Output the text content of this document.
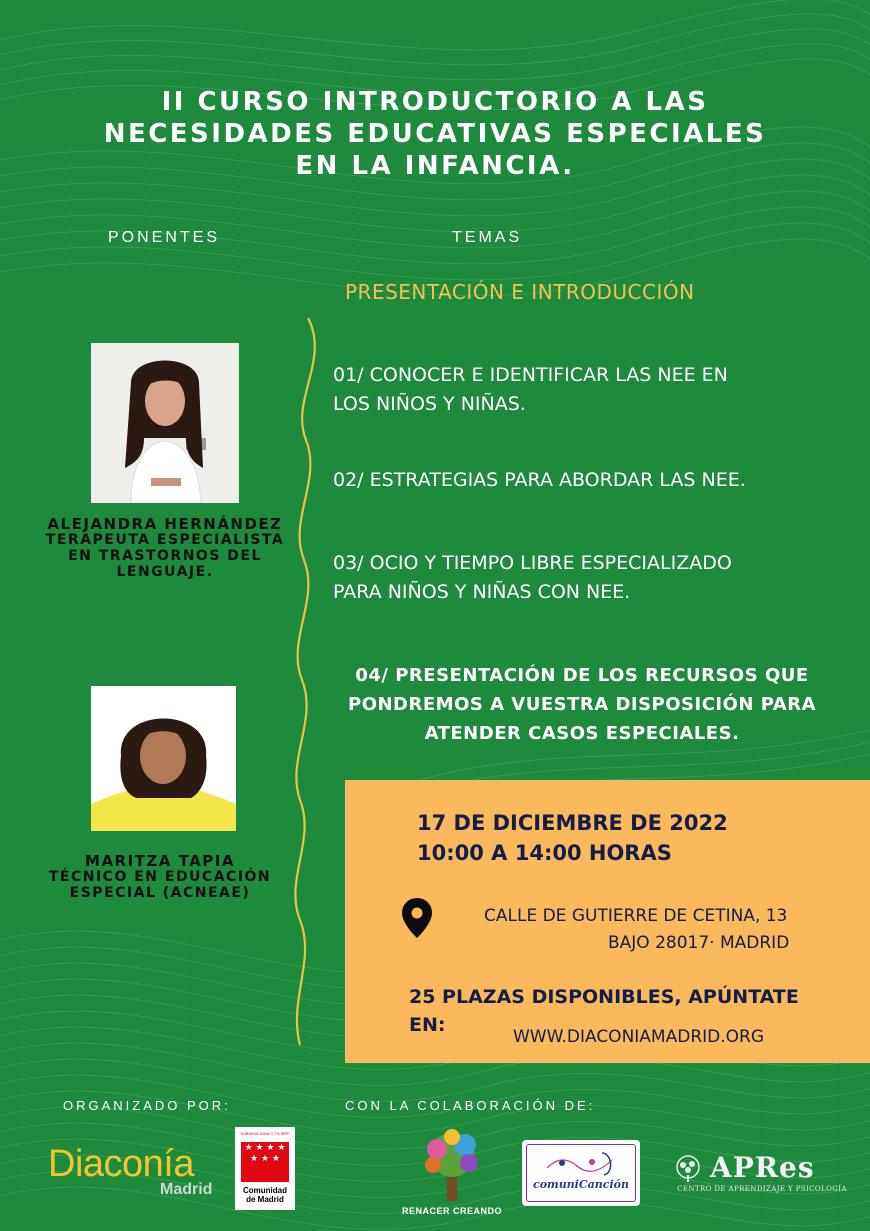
II CURSO INTRODUCTORIO A LAS
NECESIDADES EDUCATIVAS ESPECIALES
EN LA INFANCIA.
PONENTES	TEMAS
PRESENTACIÓN E INTRODUCCIÓN
ALEJANDRA HERNÁNDEZ
TERAPEUTA ESPECIALISTA
EN TRASTORNOS DEL
LENGUAJE.
MARITZA TAPIA
TÉCNICO EN EDUCACIÓN
ESPECIAL (ACNEAE)
01/ CONOCER E IDENTIFICAR LAS NEE EN
LOS NIÑOS Y NIÑAS.
02/ ESTRATEGIAS PARA ABORDAR LAS NEE.
03/ OCIO Y TIEMPO LIBRE ESPECIALIZADO
PARA NIÑOS Y NIÑAS CON NEE.
04/ PRESENTACIÓN DE LOS RECURSOS QUE
PONDREMOS A VUESTRA DISPOSICIÓN PARA
ATENDER CASOS ESPECIALES.
17 DE DICIEMBRE DE 2022
10:00 A 14:00 HORAS
CALLE DE GUTIERRE DE CETINA, 13
BAJO 28017· MADRID
25 PLAZAS DISPONIBLES, APÚNTATE
EN:
WWW.DIACONIAMADRID.ORG
ORGANIZADO POR:	CON LA COLABORACIÓN DE:
Diaconía
Madrid
SUBVENCIONA 0,7% IRPF
★ ★ ★ ★
★ ★ ★
Comunidad
de Madrid
RENACER CREANDO
comuniCanción
APRes
CENTRO DE APRENDIZAJE Y PSICOLOGÍA
